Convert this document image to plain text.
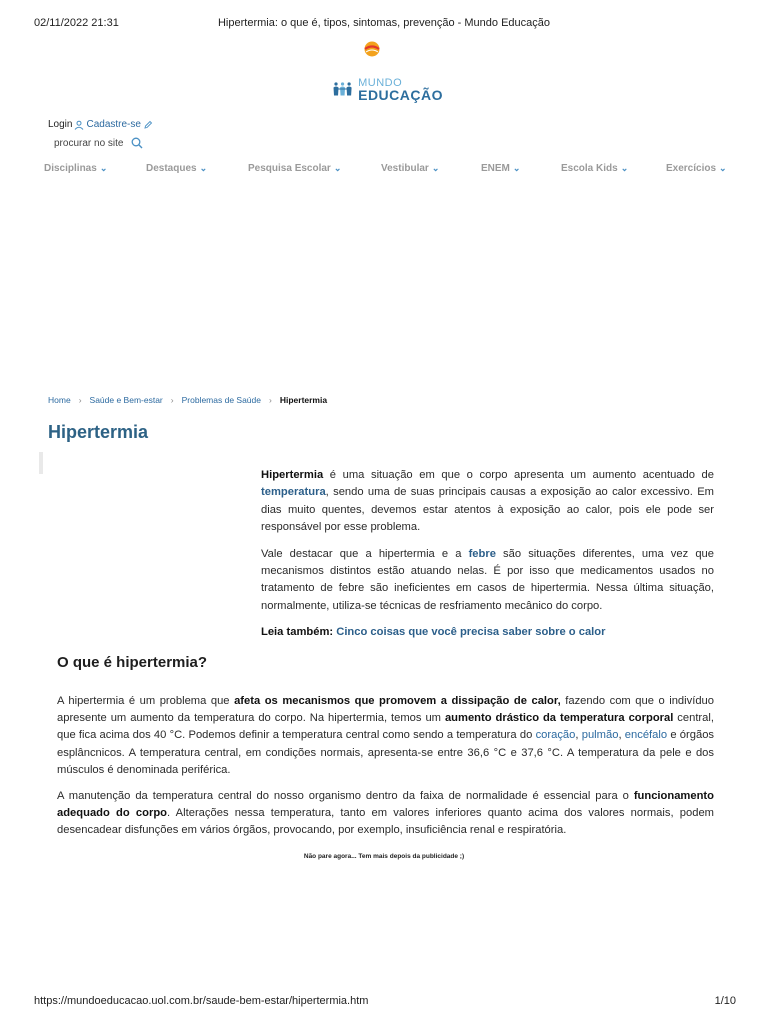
02/11/2022 21:31	Hipertermia: o que é, tipos, sintomas, prevenção - Mundo Educação
https://mundoeducacao.uol.com.br/saude-bem-estar/hipertermia.htm	1/10
MUNDO
EDUCAÇÃO
Login Cadastre-se
procurar no site
Disciplinas ⌄	Destaques ⌄	Pesquisa Escolar ⌄	Vestibular ⌄	ENEM ⌄	Escola Kids ⌄	Exercícios ⌄
Home › Saúde e Bem-estar › Problemas de Saúde › Hipertermia
Hipertermia

Hipertermia é uma situação em que o corpo apresenta um aumento acentuado de temperatura, sendo uma de suas principais causas a exposição ao calor excessivo. Em dias muito quentes, devemos estar atentos à exposição ao calor, pois ele pode ser responsável por esse problema.

Vale destacar que a hipertermia e a febre são situações diferentes, uma vez que mecanismos distintos estão atuando nelas. É por isso que medicamentos usados no tratamento de febre são ineficientes em casos de hipertermia. Nessa última situação, normalmente, utiliza-se técnicas de resfriamento mecânico do corpo.

Leia também: Cinco coisas que você precisa saber sobre o calor

O que é hipertermia?

A hipertermia é um problema que afeta os mecanismos que promovem a dissipação de calor, fazendo com que o indivíduo apresente um aumento da temperatura do corpo. Na hipertermia, temos um aumento drástico da temperatura corporal central, que fica acima dos 40 °C. Podemos definir a temperatura central como sendo a temperatura do coração, pulmão, encéfalo e órgãos esplâncnicos. A temperatura central, em condições normais, apresenta-se entre 36,6 °C e 37,6 °C. A temperatura da pele e dos músculos é denominada periférica.

A manutenção da temperatura central do nosso organismo dentro da faixa de normalidade é essencial para o funcionamento adequado do corpo. Alterações nessa temperatura, tanto em valores inferiores quanto acima dos valores normais, podem desencadear disfunções em vários órgãos, provocando, por exemplo, insuficiência renal e respiratória.

Não pare agora... Tem mais depois da publicidade ;)
